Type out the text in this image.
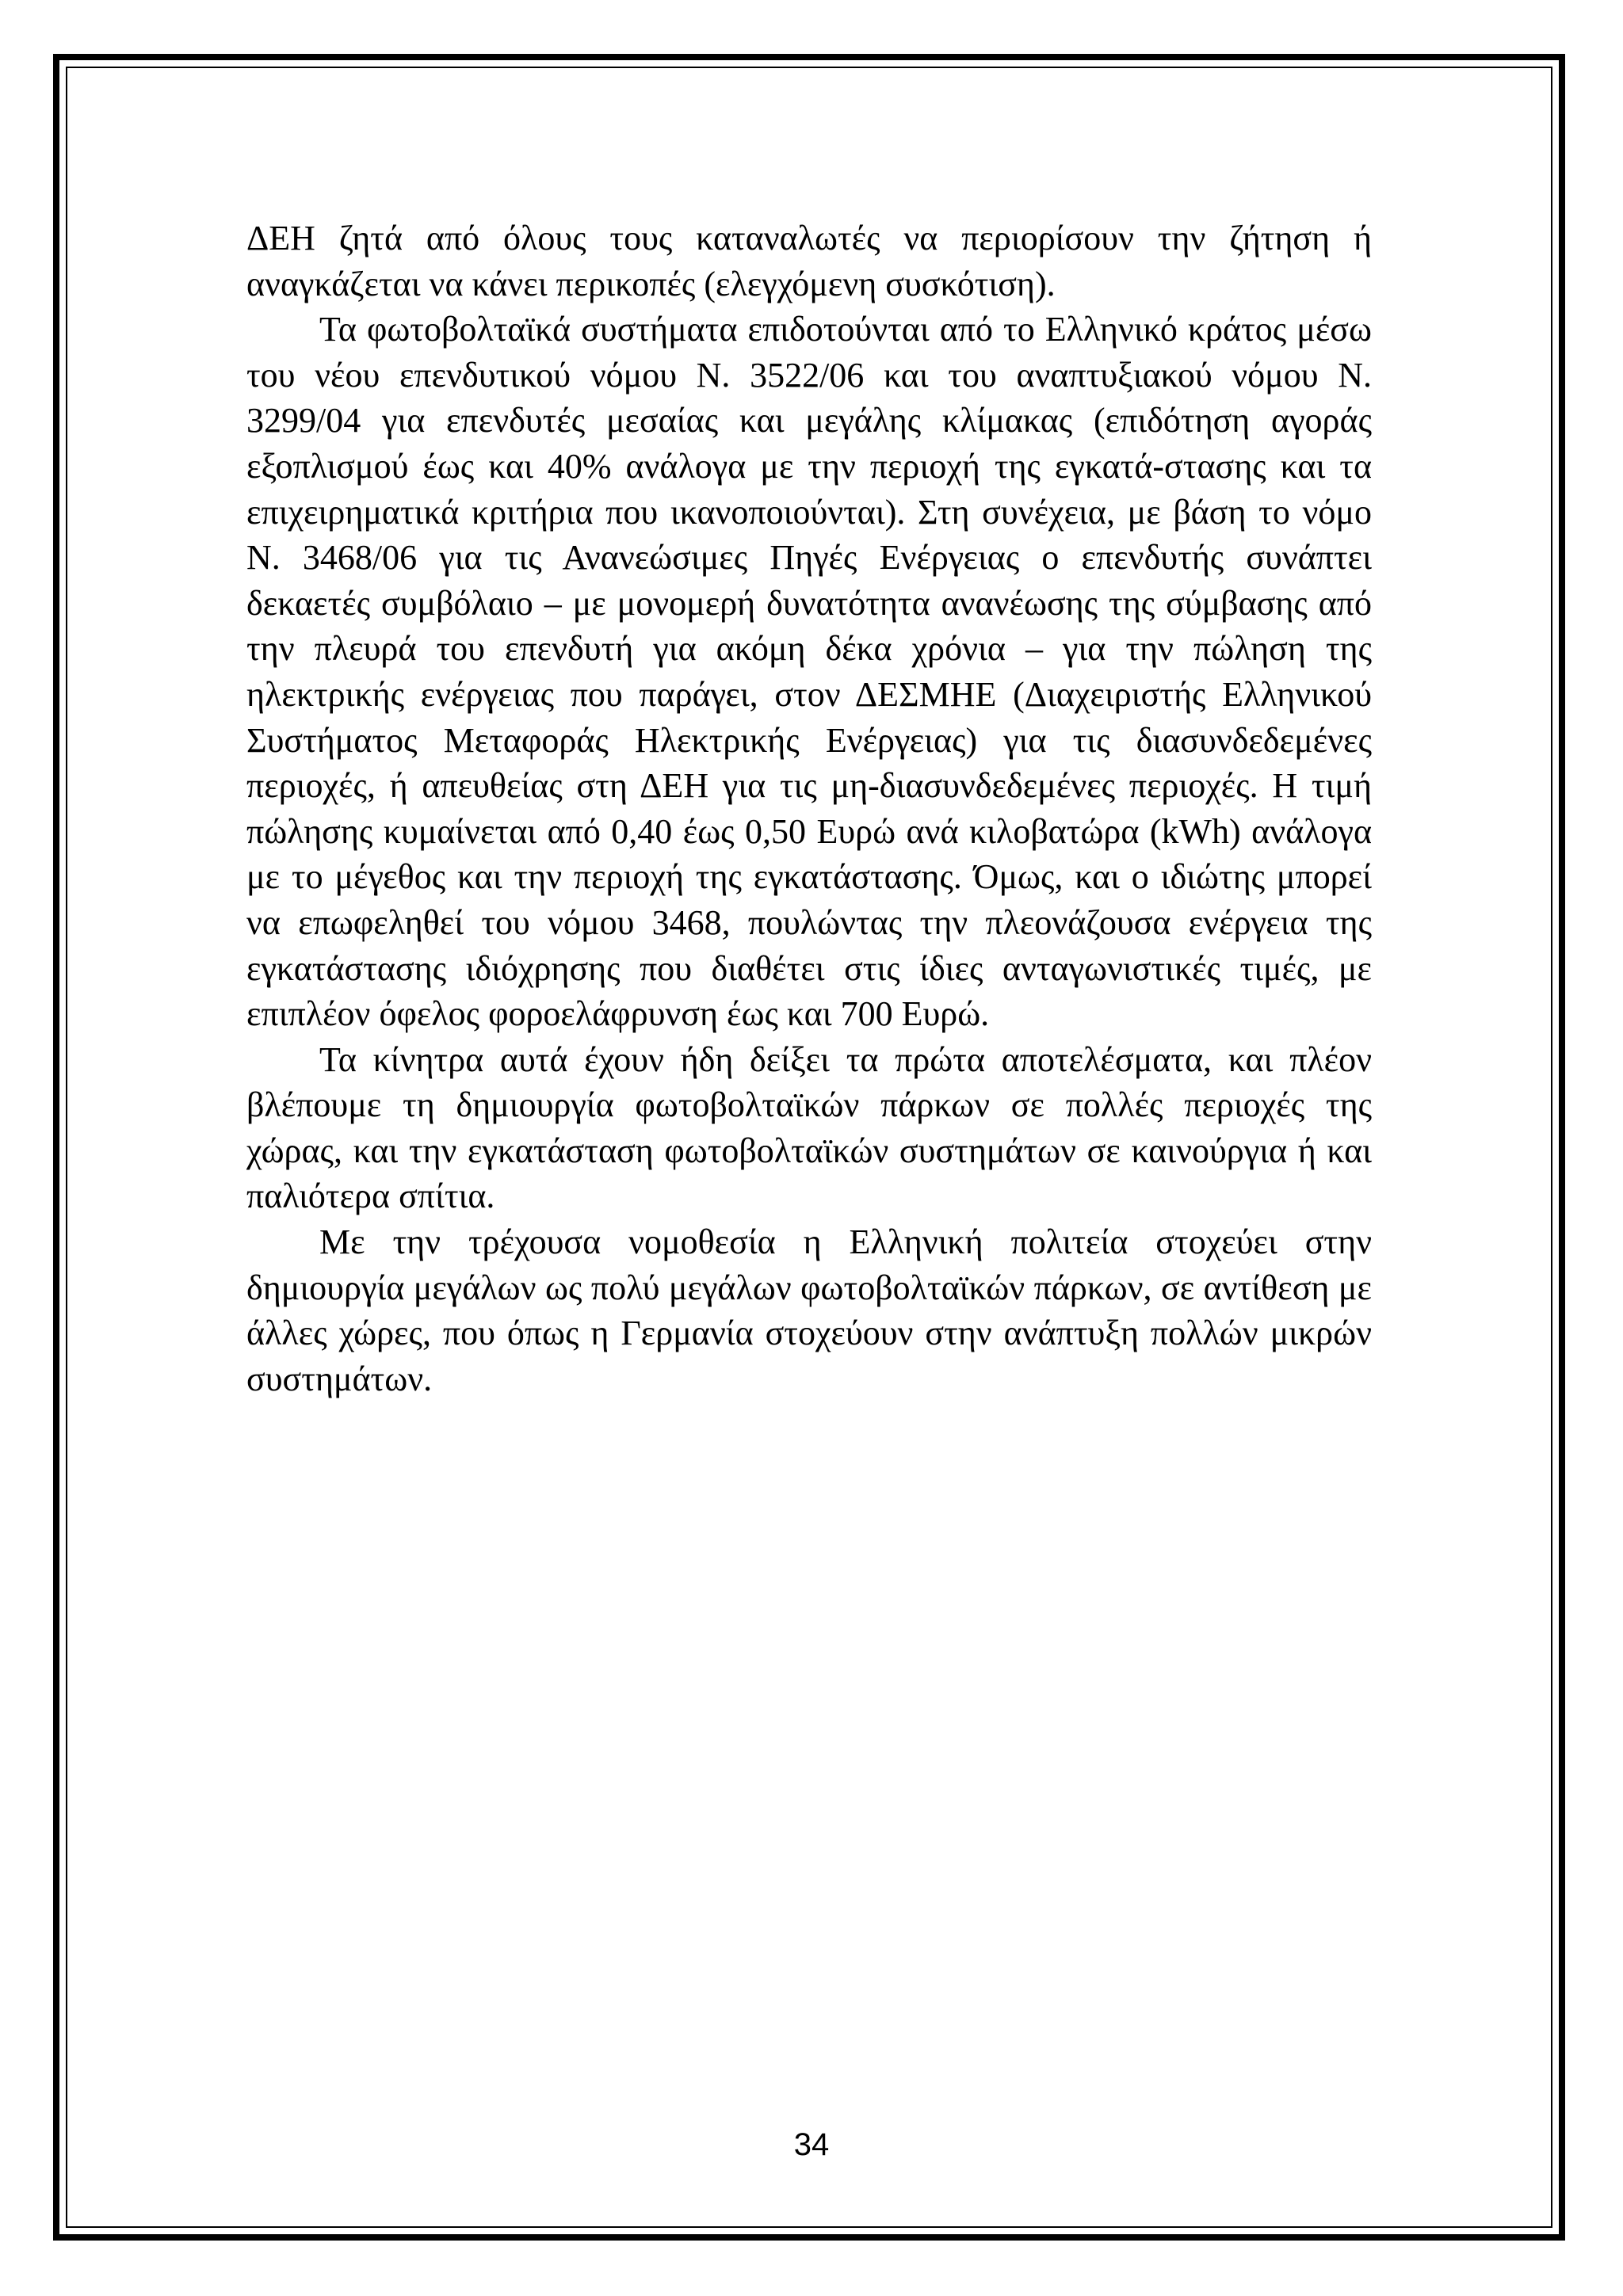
ΔΕΗ ζητά από όλους τους καταναλωτές να περιορίσουν την ζήτηση ή αναγκάζεται να κάνει περικοπές (ελεγχόμενη συσκότιση).

Τα φωτοβολταϊκά συστήματα επιδοτούνται από το Ελληνικό κράτος μέσω του νέου επενδυτικού νόμου Ν. 3522/06 και του αναπτυξιακού νόμου Ν. 3299/04 για επενδυτές μεσαίας και μεγάλης κλίμακας (επιδότηση αγοράς εξοπλισμού έως και 40% ανάλογα με την περιοχή της εγκατά-στασης και τα επιχειρηματικά κριτήρια που ικανοποιούνται). Στη συνέχεια, με βάση το νόμο Ν. 3468/06 για τις Ανανεώσιμες Πηγές Ενέργειας ο επενδυτής συνάπτει δεκαετές συμβόλαιο – με μονομερή δυνατότητα ανανέωσης της σύμβασης από την πλευρά του επενδυτή για ακόμη δέκα χρόνια – για την πώληση της ηλεκτρικής ενέργειας που παράγει, στον ΔΕΣΜΗΕ (Διαχειριστής Ελληνικού Συστήματος Μεταφοράς Ηλεκτρικής Ενέργειας) για τις διασυνδεδεμένες περιοχές, ή απευθείας στη ΔΕΗ για τις μη-διασυνδεδεμένες περιοχές. Η τιμή πώλησης κυμαίνεται από 0,40 έως 0,50 Ευρώ ανά κιλοβατώρα (kWh) ανάλογα με το μέγεθος και την περιοχή της εγκατάστασης. Όμως, και ο ιδιώτης μπορεί να επωφεληθεί του νόμου 3468, πουλώντας την πλεονάζουσα ενέργεια της εγκατάστασης ιδιόχρησης που διαθέτει στις ίδιες ανταγωνιστικές τιμές, με επιπλέον όφελος φοροελάφρυνση έως και 700 Ευρώ.

Τα κίνητρα αυτά έχουν ήδη δείξει τα πρώτα αποτελέσματα, και πλέον βλέπουμε τη δημιουργία φωτοβολταϊκών πάρκων σε πολλές περιοχές της χώρας, και την εγκατάσταση φωτοβολταϊκών συστημάτων σε καινούργια ή και παλιότερα σπίτια.

Με την τρέχουσα νομοθεσία η Ελληνική πολιτεία στοχεύει στην δημιουργία μεγάλων ως πολύ μεγάλων φωτοβολταϊκών πάρκων, σε αντίθεση με άλλες χώρες, που όπως η Γερμανία στοχεύουν στην ανάπτυξη πολλών μικρών συστημάτων.

34
